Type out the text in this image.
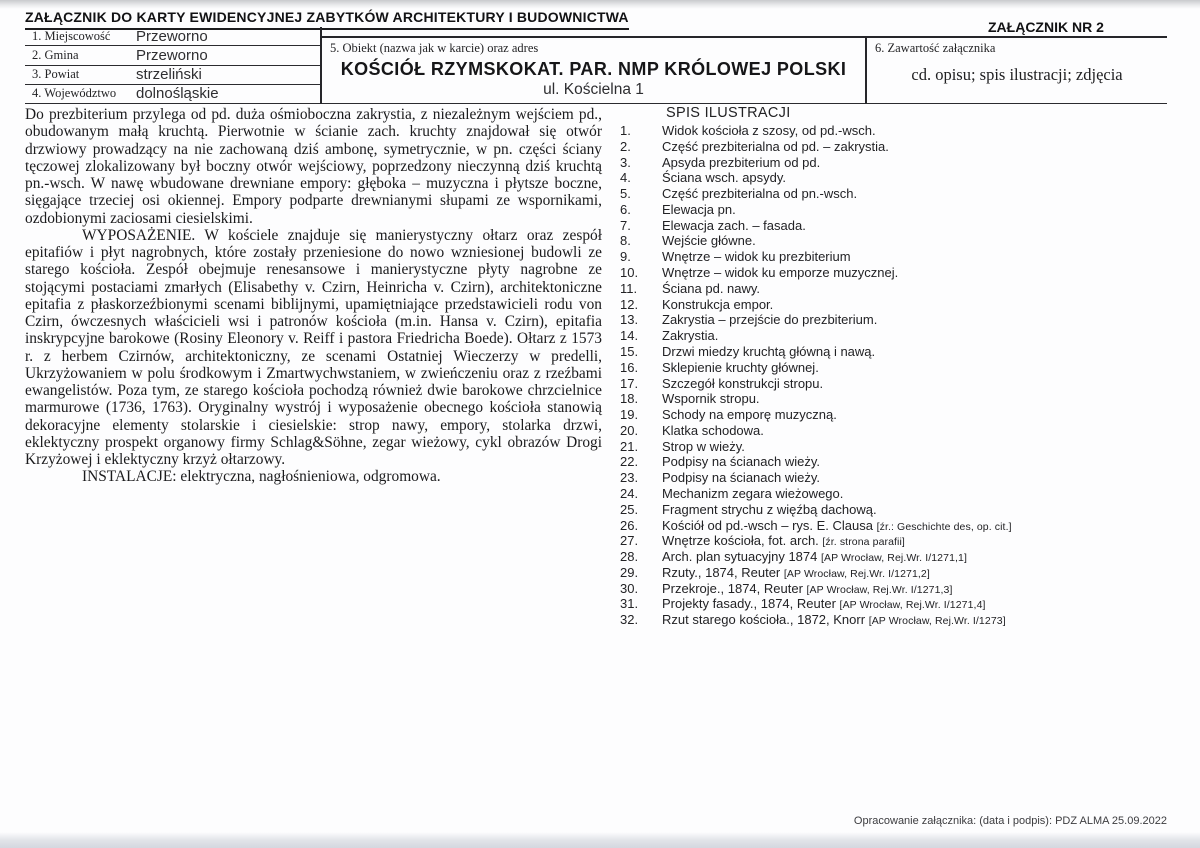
ZAŁĄCZNIK DO KARTY EWIDENCYJNEJ ZABYTKÓW ARCHITEKTURY I BUDOWNICTWA
ZAŁĄCZNIK NR 2
1. Miejscowość	Przeworno
2. Gmina	Przeworno
3. Powiat	strzeliński
4. Województwo	dolnośląskie
5. Obiekt (nazwa jak w karcie) oraz adres
KOŚCIÓŁ RZYMSKOKAT. PAR. NMP KRÓLOWEJ POLSKI
ul. Kościelna 1
6. Zawartość załącznika
cd. opisu; spis ilustracji; zdjęcia

Do prezbiterium przylega od pd. duża ośmioboczna zakrystia, z niezależnym wejściem pd., obudowanym małą kruchtą. Pierwotnie w ścianie zach. kruchty znajdował się otwór drzwiowy prowadzący na nie zachowaną dziś ambonę, symetrycznie, w pn. części ściany tęczowej zlokalizowany był boczny otwór wejściowy, poprzedzony nieczynną dziś kruchtą pn.-wsch. W nawę wbudowane drewniane empory: głęboka – muzyczna i płytsze boczne, sięgające trzeciej osi okiennej. Empory podparte drewnianymi słupami ze wspornikami, ozdobionymi zaciosami ciesielskimi.

WYPOSAŻENIE. W kościele znajduje się manierystyczny ołtarz oraz zespół epitafiów i płyt nagrobnych, które zostały przeniesione do nowo wzniesionej budowli ze starego kościoła. Zespół obejmuje renesansowe i manierystyczne płyty nagrobne ze stojącymi postaciami zmarłych (Elisabethy v. Czirn, Heinricha v. Czirn), architektoniczne epitafia z płaskorzeźbionymi scenami biblijnymi, upamiętniające przedstawicieli rodu von Czirn, ówczesnych właścicieli wsi i patronów kościoła (m.in. Hansa v. Czirn), epitafia inskrypcyjne barokowe (Rosiny Eleonory v. Reiff i pastora Friedricha Boede). Ołtarz z 1573 r. z herbem Czirnów, architektoniczny, ze scenami Ostatniej Wieczerzy w predelli, Ukrzyżowaniem w polu środkowym i Zmartwychwstaniem, w zwieńczeniu oraz z rzeźbami ewangelistów. Poza tym, ze starego kościoła pochodzą również dwie barokowe chrzcielnice marmurowe (1736, 1763). Oryginalny wystrój i wyposażenie obecnego kościoła stanowią dekoracyjne elementy stolarskie i ciesielskie: strop nawy, empory, stolarka drzwi, eklektyczny prospekt organowy firmy Schlag&Söhne, zegar wieżowy, cykl obrazów Drogi Krzyżowej i eklektyczny krzyż ołtarzowy.

INSTALACJE: elektryczna, nagłośnieniowa, odgromowa.

SPIS ILUSTRACJI
1.	Widok kościoła z szosy, od pd.-wsch.
2.	Część prezbiterialna od pd. – zakrystia.
3.	Apsyda prezbiterium od pd.
4.	Ściana wsch. apsydy.
5.	Część prezbiterialna od pn.-wsch.
6.	Elewacja pn.
7.	Elewacja zach. – fasada.
8.	Wejście główne.
9.	Wnętrze – widok ku prezbiterium
10.	Wnętrze – widok ku emporze muzycznej.
11.	Ściana pd. nawy.
12.	Konstrukcja empor.
13.	Zakrystia – przejście do prezbiterium.
14.	Zakrystia.
15.	Drzwi miedzy kruchtą główną i nawą.
16.	Sklepienie kruchty głównej.
17.	Szczegół konstrukcji stropu.
18.	Wspornik stropu.
19.	Schody na emporę muzyczną.
20.	Klatka schodowa.
21.	Strop w wieży.
22.	Podpisy na ścianach wieży.
23.	Podpisy na ścianach wieży.
24.	Mechanizm zegara wieżowego.
25.	Fragment strychu z więźbą dachową.
26.	Kościół od pd.-wsch – rys. E. Clausa [źr.: Geschichte des, op. cit.]
27.	Wnętrze kościoła, fot. arch. [źr. strona parafii]
28.	Arch. plan sytuacyjny 1874 [AP Wrocław, Rej.Wr. I/1271,1]
29.	Rzuty., 1874, Reuter [AP Wrocław, Rej.Wr. I/1271,2]
30.	Przekroje., 1874, Reuter [AP Wrocław, Rej.Wr. I/1271,3]
31.	Projekty fasady., 1874, Reuter [AP Wrocław, Rej.Wr. I/1271,4]
32.	Rzut starego kościoła., 1872, Knorr [AP Wrocław, Rej.Wr. I/1273]
Opracowanie załącznika: (data i podpis): PDZ ALMA 25.09.2022
